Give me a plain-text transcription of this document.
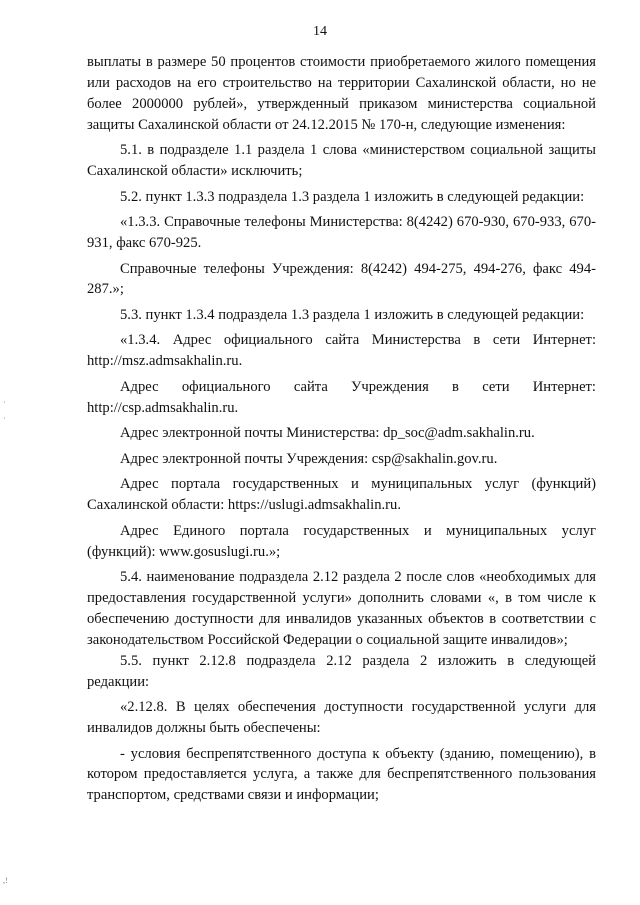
14
·
·
,!

выплаты в размере 50 процентов стоимости приобретаемого жилого помещения или расходов на его строительство на территории Сахалинской области, но не более 2000000 рублей», утвержденный приказом министерства социальной защиты Сахалинской области от 24.12.2015 № 170-н, следующие изменения:

5.1. в подразделе 1.1 раздела 1 слова «министерством социальной защиты Сахалинской области» исключить;

5.2. пункт 1.3.3 подраздела 1.3 раздела 1 изложить в следующей редакции:

«1.3.3. Справочные телефоны Министерства: 8(4242) 670-930, 670-933, 670-931, факс 670-925.

Справочные телефоны Учреждения: 8(4242) 494-275, 494-276, факс 494-287.»;

5.3. пункт 1.3.4 подраздела 1.3 раздела 1 изложить в следующей редакции:

«1.3.4. Адрес официального сайта Министерства в сети Интернет: http://msz.admsakhalin.ru.

Адрес официального сайта Учреждения в сети Интернет: http://csp.admsakhalin.ru.

Адрес электронной почты Министерства: dp_soc@adm.sakhalin.ru.

Адрес электронной почты Учреждения: csp@sakhalin.gov.ru.

Адрес портала государственных и муниципальных услуг (функций) Сахалинской области: https://uslugi.admsakhalin.ru.

Адрес Единого портала государственных и муниципальных услуг (функций): www.gosuslugi.ru.»;

5.4. наименование подраздела 2.12 раздела 2 после слов «необходимых для предоставления государственной услуги» дополнить словами «, в том числе к обеспечению доступности для инвалидов указанных объектов в соответствии с законодательством Российской Федерации о социальной защите инвалидов»;

5.5. пункт 2.12.8 подраздела 2.12 раздела 2 изложить в следующей редакции:

«2.12.8. В целях обеспечения доступности государственной услуги для инвалидов должны быть обеспечены:

- условия беспрепятственного доступа к объекту (зданию, помещению), в котором предоставляется услуга, а также для беспрепятственного пользования транспортом, средствами связи и информации;
